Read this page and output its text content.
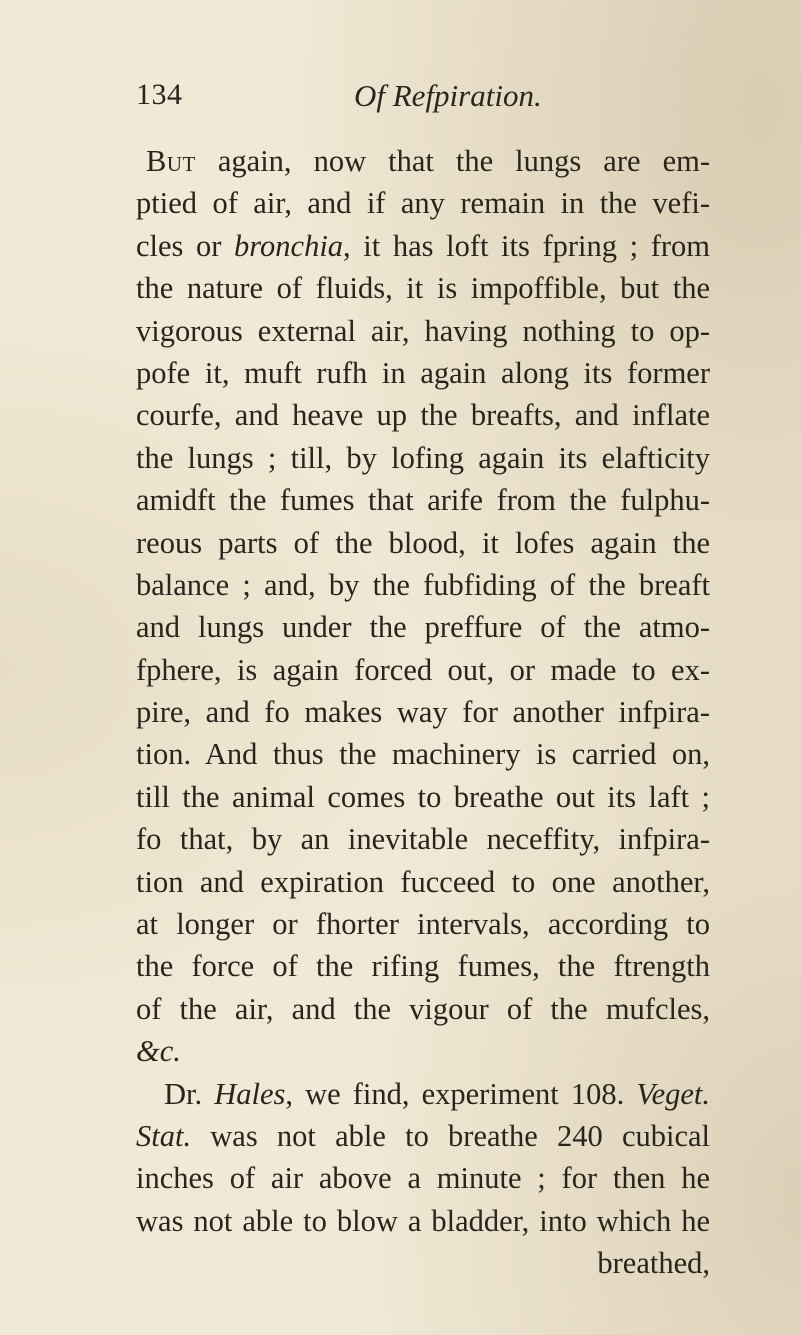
134	Of Refpiration.
But again, now that the lungs are em-
ptied of air, and if any remain in the vefi-
cles or bronchia, it has loft its fpring ; from
the nature of fluids, it is impoffible, but the
vigorous external air, having nothing to op-
pofe it, muft rufh in again along its former
courfe, and heave up the breafts, and inflate
the lungs ; till, by lofing again its elafticity
amidft the fumes that arife from the fulphu-
reous parts of the blood, it lofes again the
balance ; and, by the fubfiding of the breaft
and lungs under the preffure of the atmo-
fphere, is again forced out, or made to ex-
pire, and fo makes way for another infpira-
tion. And thus the machinery is carried on,
till the animal comes to breathe out its laft ;
fo that, by an inevitable neceffity, infpira-
tion and expiration fucceed to one another,
at longer or fhorter intervals, according to
the force of the rifing fumes, the ftrength
of the air, and the vigour of the mufcles,
&c.
Dr. Hales, we find, experiment 108. Veget.
Stat. was not able to breathe 240 cubical
inches of air above a minute ; for then he
was not able to blow a bladder, into which he
breathed,
